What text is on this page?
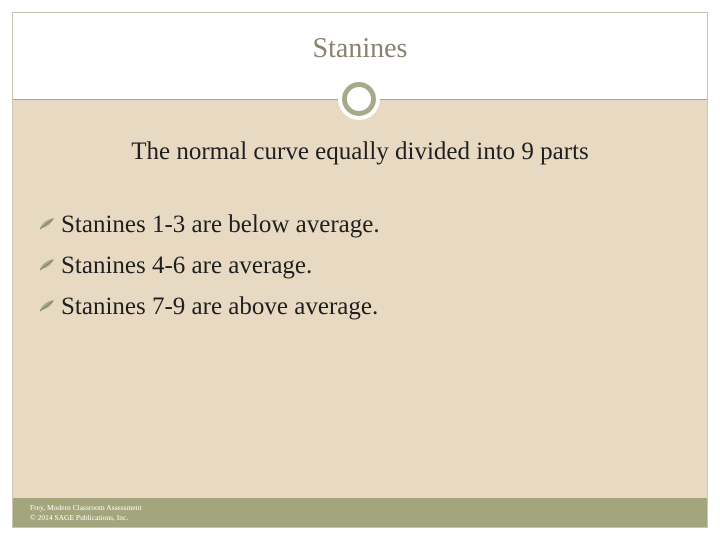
Stanines
The normal curve equally divided into 9 parts
Stanines 1-3 are below average.
Stanines 4-6 are average.
Stanines 7-9 are above average.
Frey, Modern Classroom Assessment
© 2014 SAGE Publications, Inc.
